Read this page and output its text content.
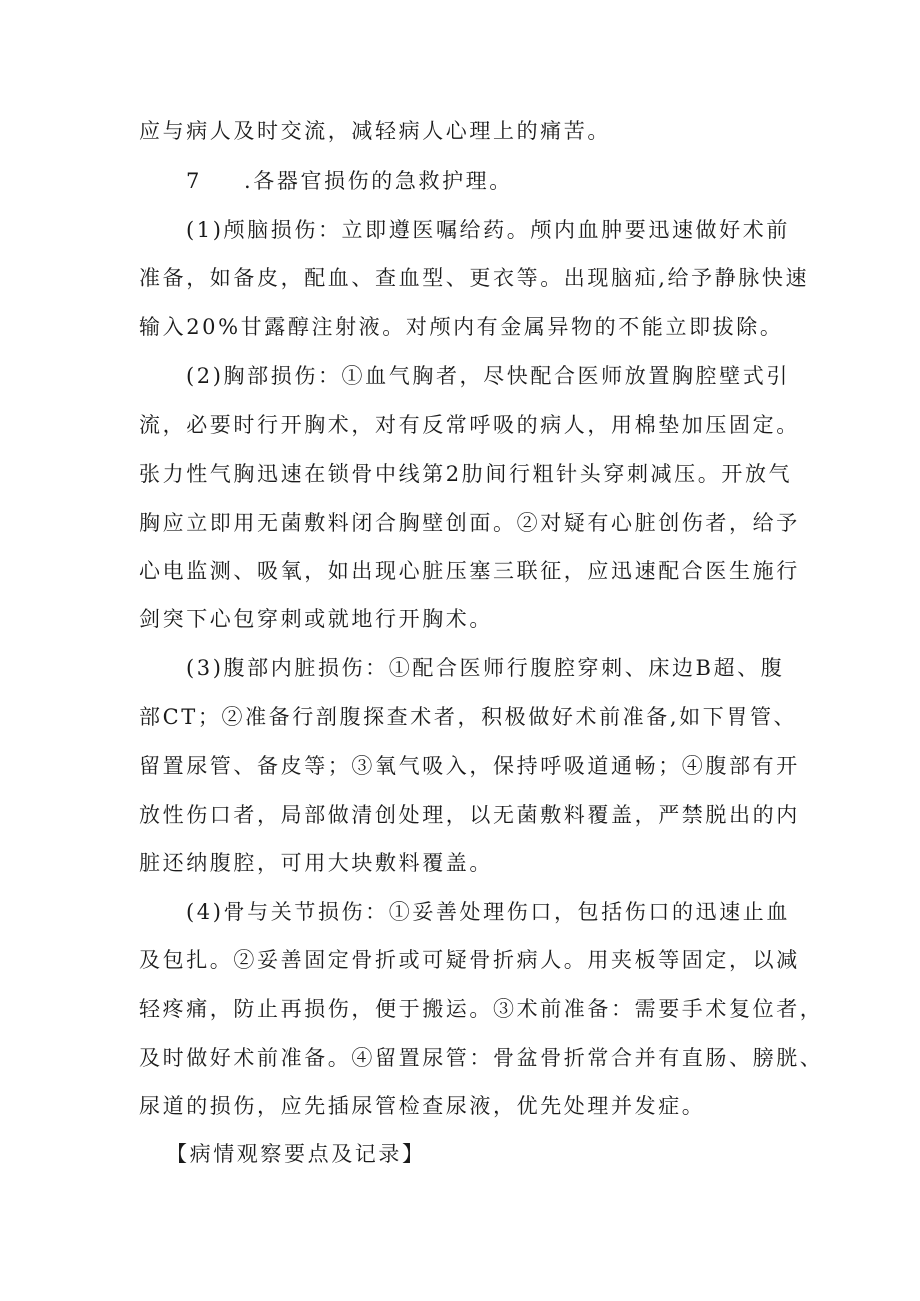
应与病人及时交流，减轻病人心理上的痛苦。
7 .各器官损伤的急救护理。
(1)颅脑损伤：立即遵医嘱给药。颅内血肿要迅速做好术前
准备，如备皮，配血、查血型、更衣等。出现脑疝,给予静脉快速
输入20%甘露醇注射液。对颅内有金属异物的不能立即拔除。
(2)胸部损伤：①血气胸者，尽快配合医师放置胸腔壁式引
流，必要时行开胸术，对有反常呼吸的病人，用棉垫加压固定。
张力性气胸迅速在锁骨中线第2肋间行粗针头穿刺减压。开放气
胸应立即用无菌敷料闭合胸壁创面。②对疑有心脏创伤者，给予
心电监测、吸氧，如出现心脏压塞三联征，应迅速配合医生施行
剑突下心包穿刺或就地行开胸术。
(3)腹部内脏损伤：①配合医师行腹腔穿刺、床边B超、腹
部CT；②准备行剖腹探查术者，积极做好术前准备,如下胃管、
留置尿管、备皮等；③氧气吸入，保持呼吸道通畅；④腹部有开
放性伤口者，局部做清创处理，以无菌敷料覆盖，严禁脱出的内
脏还纳腹腔，可用大块敷料覆盖。
(4)骨与关节损伤：①妥善处理伤口，包括伤口的迅速止血
及包扎。②妥善固定骨折或可疑骨折病人。用夹板等固定，以减
轻疼痛，防止再损伤，便于搬运。③术前准备：需要手术复位者，
及时做好术前准备。④留置尿管：骨盆骨折常合并有直肠、膀胱、
尿道的损伤，应先插尿管检查尿液，优先处理并发症。
【病情观察要点及记录】
